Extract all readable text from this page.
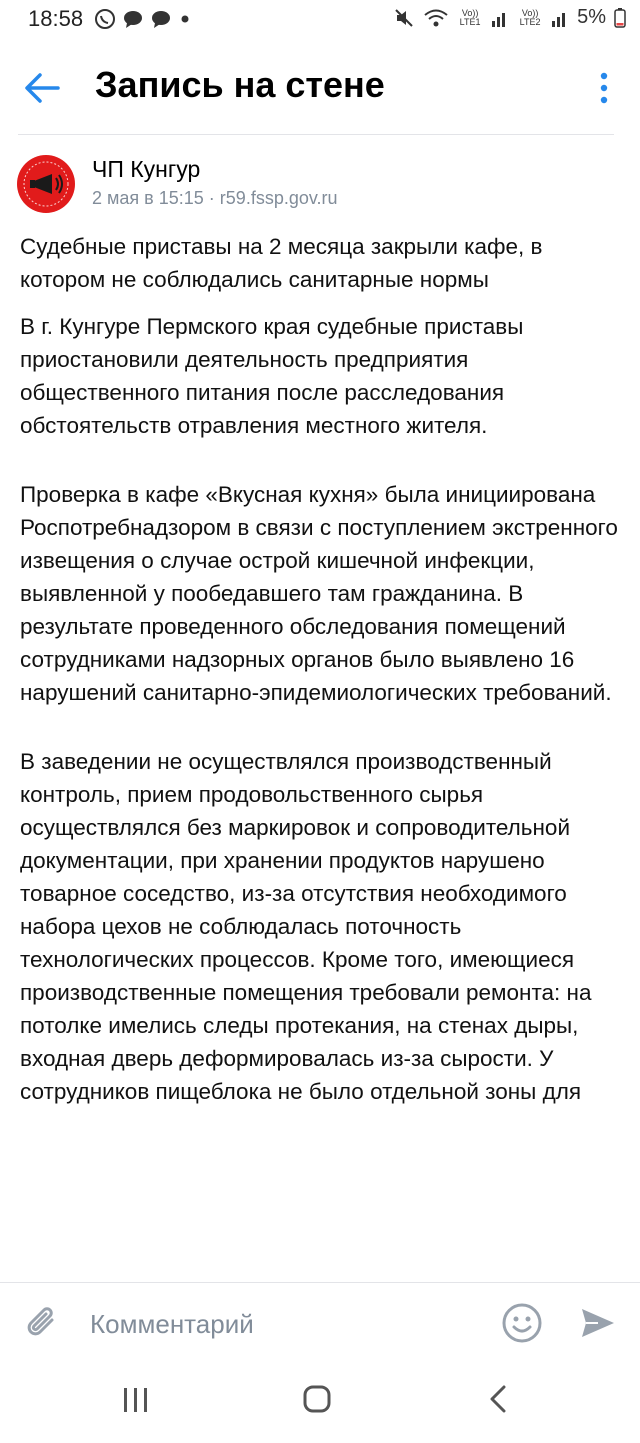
18:58	Vo)) LTE1
Vo)) LTE2 5%
Запись на стене
ЧП Кунгур
2 мая в 15:15 · r59.fssp.gov.ru

Судебные приставы на 2 месяца закрыли кафе, в котором не соблюдались санитарные нормы

В г. Кунгуре Пермского края судебные приставы приостановили деятельность предприятия общественного питания после расследования обстоятельств отравления местного жителя.

Проверка в кафе «Вкусная кухня» была инициирована Роспотребнадзором в связи с поступлением экстренного извещения о случае острой кишечной инфекции, выявленной у пообедавшего там гражданина. В результате проведенного обследования помещений сотрудниками надзорных органов было выявлено 16 нарушений санитарно-эпидемиологических требований.

В заведении не осуществлялся производственный контроль, прием продовольственного сырья осуществлялся без маркировок и сопроводительной документации, при хранении продуктов нарушено товарное соседство, из-за отсутствия необходимого набора цехов не соблюдалась поточность технологических процессов. Кроме того, имеющиеся производственные помещения требовали ремонта: на потолке имелись следы протекания, на стенах дыры, входная дверь деформировалась из-за сырости. У сотрудников пищеблока не было отдельной зоны для

Комментарий
